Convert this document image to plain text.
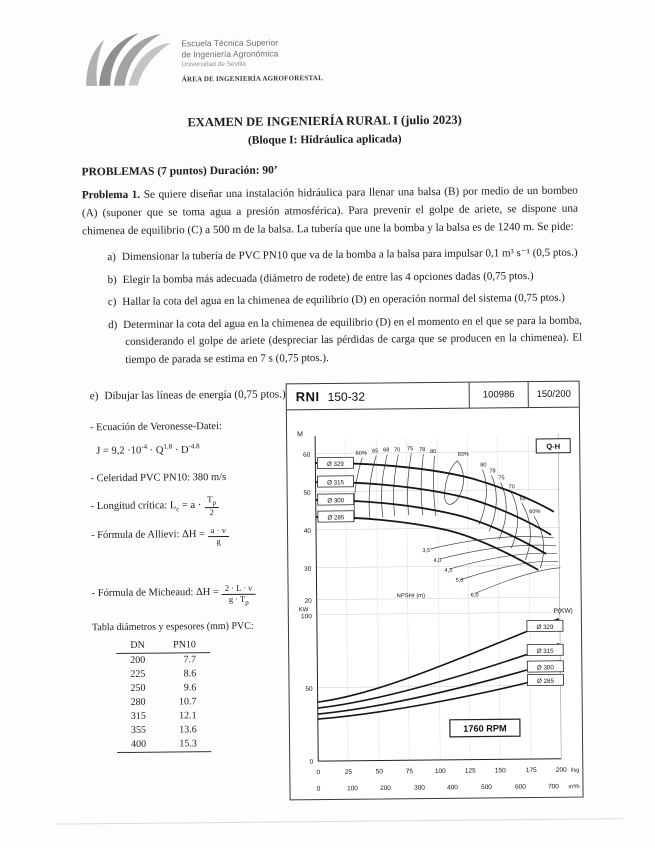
Escuela Técnica Superior
de Ingeniería Agronómica
Universidad de Sevilla
ÁREA DE INGENIERÍA AGROFORESTAL
EXAMEN DE INGENIERÍA RURAL I (julio 2023)
(Bloque I: Hidráulica aplicada)
PROBLEMAS (7 puntos) Duración: 90’

Problema 1. Se quiere diseñar una instalación hidráulica para llenar una balsa (B) por medio de un bombeo (A) (suponer que se toma agua a presión atmosférica). Para prevenir el golpe de ariete, se dispone una chimenea de equilibrio (C) a 500 m de la balsa. La tubería que une la bomba y la balsa es de 1240 m. Se pide:

a) Dimensionar la tubería de PVC PN10 que va de la bomba a la balsa para impulsar 0,1 m³ s⁻¹ (0,5 ptos.)

b) Elegir la bomba más adecuada (diámetro de rodete) de entre las 4 opciones dadas (0,75 ptos.)

c) Hallar la cota del agua en la chimenea de equilibrio (D) en operación normal del sistema (0,75 ptos.)

d) Determinar la cota del agua en la chimenea de equilibrio (D) en el momento en el que se para la bomba, considerando el golpe de ariete (despreciar las pérdidas de carga que se producen en la chimenea). El tiempo de parada se estima en 7 s (0,75 ptos.).

e) Dibujar las líneas de energía (0,75 ptos.)

- Ecuación de Veronesse-Datei:
$J = 9,2 \cdot 10^{-4} \cdot Q^{1.8} \cdot D^{-4.8}$
- Celeridad PVC PN10: 380 m/s
- Longitud crítica: $L_c = a \cdot \frac{T_p}{2}$
- Fórmula de Allievi: $\Delta H = \frac{a \cdot v}{g}$
- Fórmula de Micheaud: $\Delta H = \frac{2 \cdot L \cdot v}{g \cdot T_p}$
Tabla diámetros y espesores (mm) PVC:
DN	PN10
200	7.7
225	8.6
250	9.6
280	10.7
315	12.1
355	13.6
400	15.3
RNI 150-32	100986	150/200
M
60
50
40
30
20
KW
100
50
0
Q-H
Ø 329
Ø 315
Ø 300
Ø 285
60% 65 68 70 75 78 80	83%
80
78
75
70
65
60%
3,5
4,0
4,5
5,0
6,0
NPSHr (m)
P(KW)
Ø 329
Ø 315
Ø 300
Ø 285
1760 RPM
0	25	50	75	100	125	150	175	200 l/sg
0	100	200	300	400	500	600	700 m³/h
